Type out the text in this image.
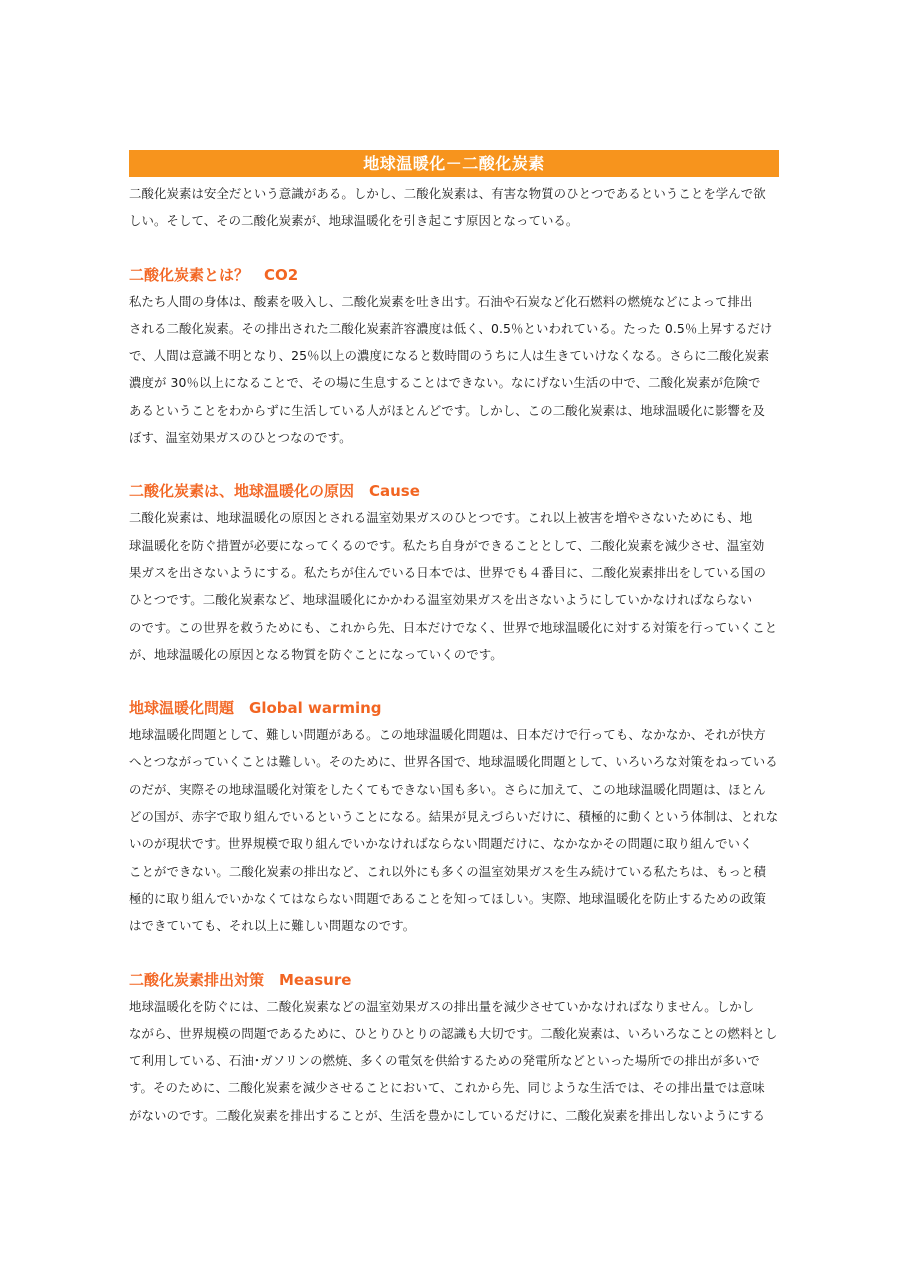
地球温暖化－二酸化炭素
二酸化炭素は安全だという意識がある。しかし、二酸化炭素は、有害な物質のひとつであるということを学んで欲
しい。そして、その二酸化炭素が、地球温暖化を引き起こす原因となっている。
二酸化炭素とは？　CO2
私たち人間の身体は、酸素を吸入し、二酸化炭素を吐き出す。石油や石炭など化石燃料の燃焼などによって排出
される二酸化炭素。その排出された二酸化炭素許容濃度は低く、0.5％といわれている。たった 0.5％上昇するだけ
で、人間は意識不明となり、25％以上の濃度になると数時間のうちに人は生きていけなくなる。さらに二酸化炭素
濃度が 30％以上になることで、その場に生息することはできない。なにげない生活の中で、二酸化炭素が危険で
あるということをわからずに生活している人がほとんどです。しかし、この二酸化炭素は、地球温暖化に影響を及
ぼす、温室効果ガスのひとつなのです。
二酸化炭素は、地球温暖化の原因　Cause
二酸化炭素は、地球温暖化の原因とされる温室効果ガスのひとつです。これ以上被害を増やさないためにも、地
球温暖化を防ぐ措置が必要になってくるのです。私たち自身ができることとして、二酸化炭素を減少させ、温室効
果ガスを出さないようにする。私たちが住んでいる日本では、世界でも４番目に、二酸化炭素排出をしている国の
ひとつです。二酸化炭素など、地球温暖化にかかわる温室効果ガスを出さないようにしていかなければならない
のです。この世界を救うためにも、これから先、日本だけでなく、世界で地球温暖化に対する対策を行っていくこと
が、地球温暖化の原因となる物質を防ぐことになっていくのです。
地球温暖化問題　Global warming
地球温暖化問題として、難しい問題がある。この地球温暖化問題は、日本だけで行っても、なかなか、それが快方
へとつながっていくことは難しい。そのために、世界各国で、地球温暖化問題として、いろいろな対策をねっている
のだが、実際その地球温暖化対策をしたくてもできない国も多い。さらに加えて、この地球温暖化問題は、ほとん
どの国が、赤字で取り組んでいるということになる。結果が見えづらいだけに、積極的に動くという体制は、とれな
いのが現状です。世界規模で取り組んでいかなければならない問題だけに、なかなかその問題に取り組んでいく
ことができない。二酸化炭素の排出など、これ以外にも多くの温室効果ガスを生み続けている私たちは、もっと積
極的に取り組んでいかなくてはならない問題であることを知ってほしい。実際、地球温暖化を防止するための政策
はできていても、それ以上に難しい問題なのです。
二酸化炭素排出対策　Measure
地球温暖化を防ぐには、二酸化炭素などの温室効果ガスの排出量を減少させていかなければなりません。しかし
ながら、世界規模の問題であるために、ひとりひとりの認識も大切です。二酸化炭素は、いろいろなことの燃料とし
て利用している、石油･ガソリンの燃焼、多くの電気を供給するための発電所などといった場所での排出が多いで
す。そのために、二酸化炭素を減少させることにおいて、これから先、同じような生活では、その排出量では意味
がないのです。二酸化炭素を排出することが、生活を豊かにしているだけに、二酸化炭素を排出しないようにする
